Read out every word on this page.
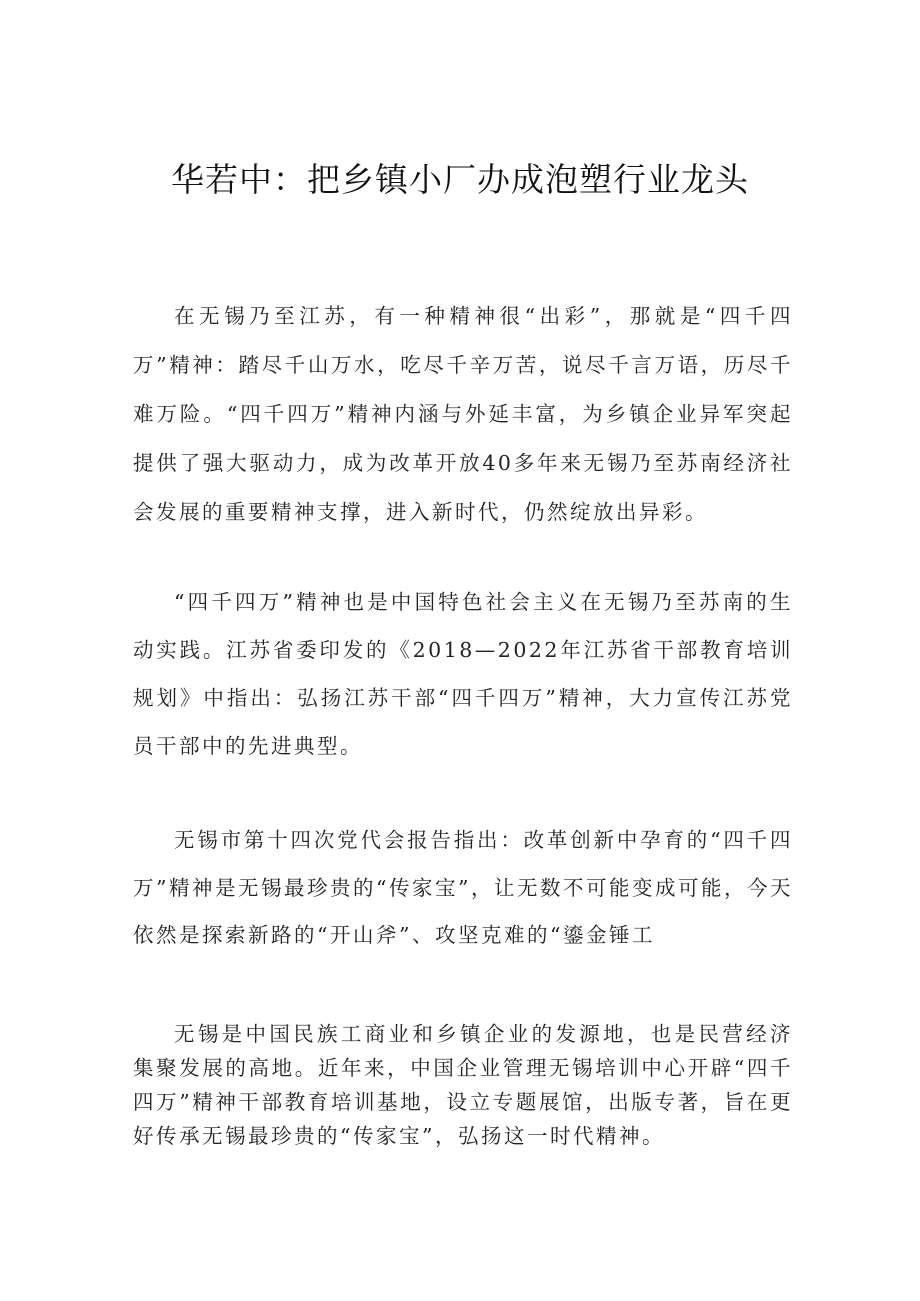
华若中：把乡镇小厂办成泡塑行业龙头

在无锡乃至江苏，有一种精神很“出彩”，那就是“四千四万”精神：踏尽千山万水，吃尽千辛万苦，说尽千言万语，历尽千难万险。“四千四万”精神内涵与外延丰富，为乡镇企业异军突起提供了强大驱动力，成为改革开放40多年来无锡乃至苏南经济社会发展的重要精神支撑，进入新时代，仍然绽放出异彩。

“四千四万”精神也是中国特色社会主义在无锡乃至苏南的生动实践。江苏省委印发的《2018—2022年江苏省干部教育培训规划》中指出：弘扬江苏干部“四千四万”精神，大力宣传江苏党员干部中的先进典型。

无锡市第十四次党代会报告指出：改革创新中孕育的“四千四万”精神是无锡最珍贵的“传家宝”，让无数不可能变成可能，今天依然是探索新路的“开山斧”、攻坚克难的“鎏金锤工

无锡是中国民族工商业和乡镇企业的发源地，也是民营经济集聚发展的高地。近年来，中国企业管理无锡培训中心开辟“四千四万”精神干部教育培训基地，设立专题展馆，出版专著，旨在更好传承无锡最珍贵的“传家宝”，弘扬这一时代精神。
